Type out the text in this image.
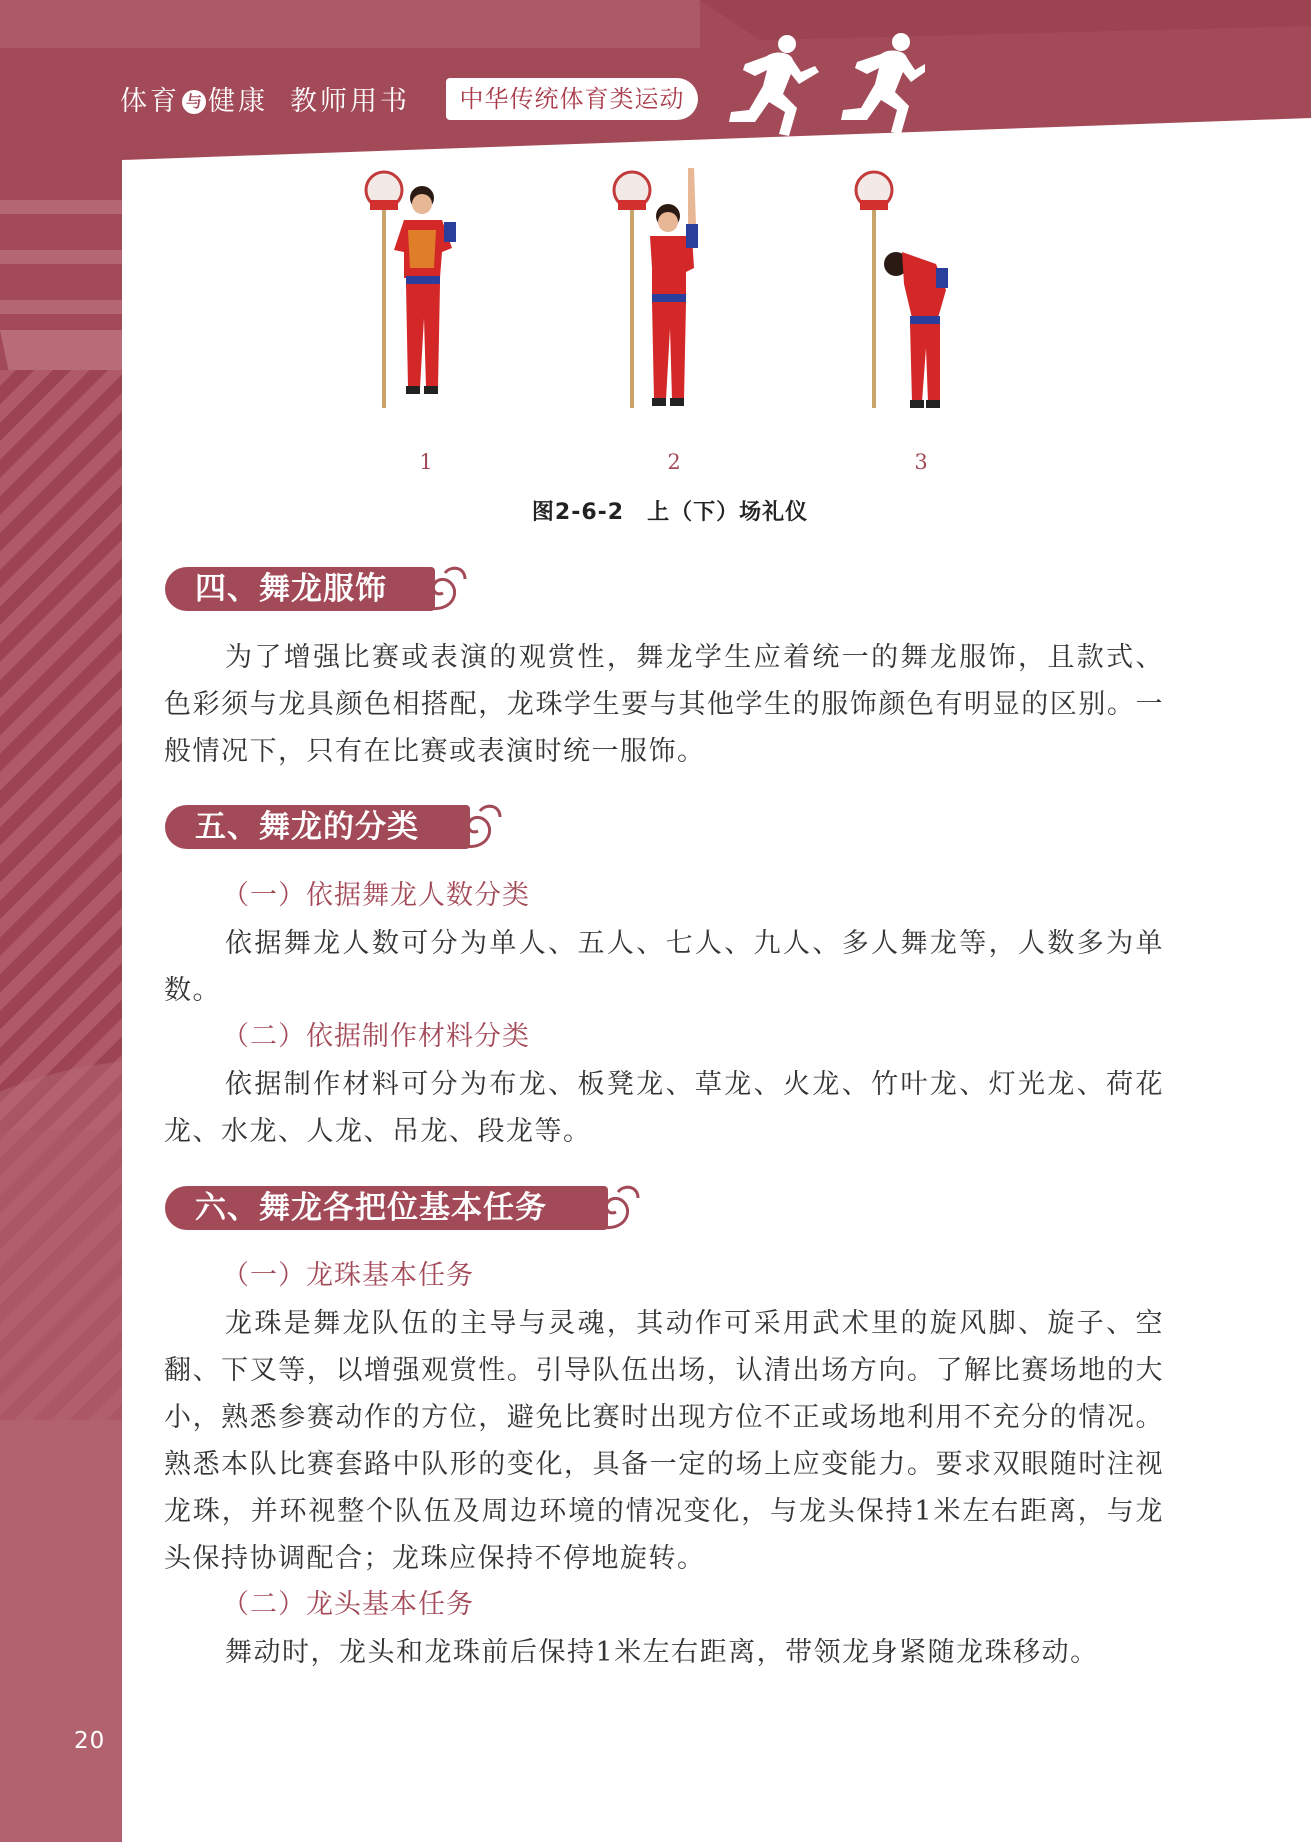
体育 与 健康 教师用书	中华传统体育类运动
1	2	3
图2-6-2　上（下）场礼仪
四、舞龙服饰
为了增强比赛或表演的观赏性，舞龙学生应着统一的舞龙服饰，且款式、色彩须与龙具颜色相搭配，龙珠学生要与其他学生的服饰颜色有明显的区别。一般情况下，只有在比赛或表演时统一服饰。
五、舞龙的分类
（一）依据舞龙人数分类
依据舞龙人数可分为单人、五人、七人、九人、多人舞龙等，人数多为单数。
（二）依据制作材料分类
依据制作材料可分为布龙、板凳龙、草龙、火龙、竹叶龙、灯光龙、荷花龙、水龙、人龙、吊龙、段龙等。
六、舞龙各把位基本任务
（一）龙珠基本任务
龙珠是舞龙队伍的主导与灵魂，其动作可采用武术里的旋风脚、旋子、空翻、下叉等，以增强观赏性。引导队伍出场，认清出场方向。了解比赛场地的大小，熟悉参赛动作的方位，避免比赛时出现方位不正或场地利用不充分的情况。熟悉本队比赛套路中队形的变化，具备一定的场上应变能力。要求双眼随时注视龙珠，并环视整个队伍及周边环境的情况变化，与龙头保持1米左右距离，与龙头保持协调配合；龙珠应保持不停地旋转。
（二）龙头基本任务
舞动时，龙头和龙珠前后保持1米左右距离，带领龙身紧随龙珠移动。
20
